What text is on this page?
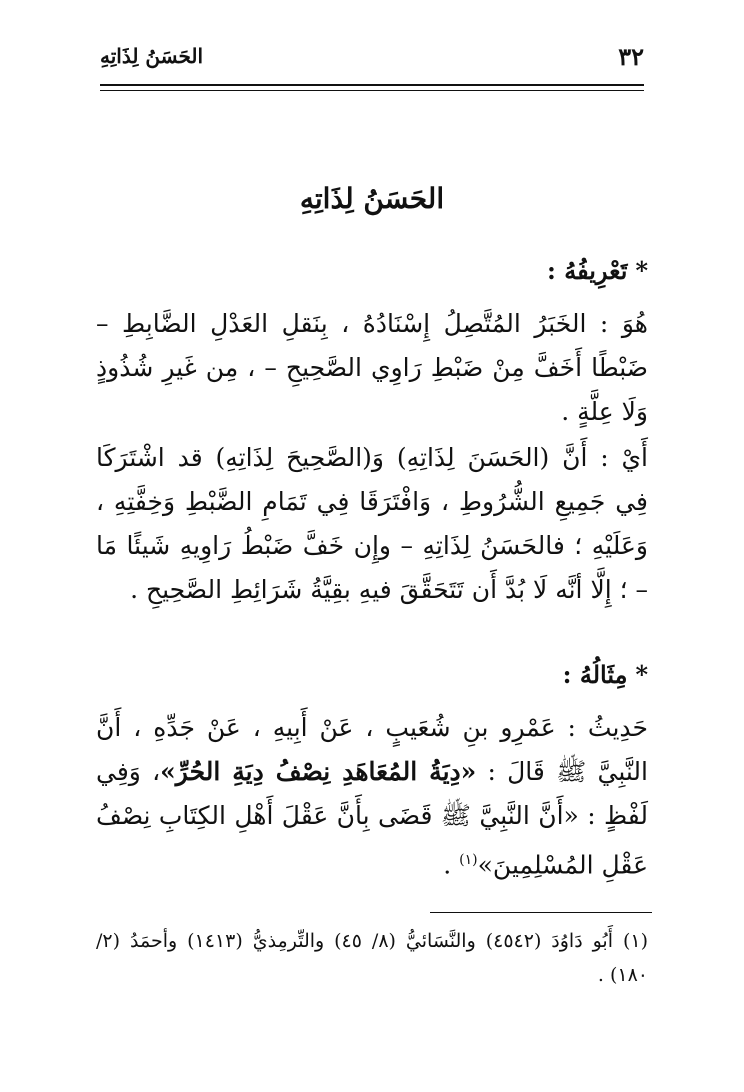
٣٢
الحَسَنُ لِذَاتِهِ
الحَسَنُ لِذَاتِهِ
*تَعْرِيفُهُ :
هُوَ : الخَبَرُ المُتَّصِلُ إِسْنَادُهُ ، بِنَقلِ العَدْلِ الضَّابِطِ – ضَبْطًا أَخَفَّ مِنْ ضَبْطِ رَاوِي الصَّحِيحِ – ، مِن غَيرِ شُذُوذٍ وَلَا عِلَّةٍ .
أَيْ : أَنَّ (الحَسَنَ لِذَاتِهِ) وَ(الصَّحِيحَ لِذَاتِهِ) قد اشْتَرَكَا فِي جَمِيعِ الشُّرُوطِ ، وَافْتَرَقَا فِي تَمَامِ الضَّبْطِ وَخِفَّتِهِ ، وَعَلَيْهِ ؛ فالحَسَنُ لِذَاتِهِ – وإِن خَفَّ ضَبْطُ رَاوِيهِ شَيئًا مَا – ؛ إِلَّا أنَّه لَا بُدَّ أَن تَتَحَقَّقَ فيهِ بقِيَّةُ شَرَائِطِ الصَّحِيحِ .
*مِثَالُهُ :
حَدِيثُ : عَمْرِو بنِ شُعَيبٍ ، عَنْ أَبِيهِ ، عَنْ جَدِّهِ ، أَنَّ النَّبِيَّ ﷺ قَالَ : «دِيَةُ المُعَاهَدِ نِصْفُ دِيَةِ الحُرِّ»، وَفِي لَفْظٍ : «أَنَّ النَّبِيَّ ﷺ قَضَى بِأَنَّ عَقْلَ أَهْلِ الكِتَابِ نِصْفُ عَقْلِ المُسْلِمِينَ»$^{(١)}$ .
(١) أَبُو دَاوُدَ (٤٥٤٢) والنَّسَائيُّ (٨/ ٤٥) والتِّرمِذيُّ (١٤١٣) وأحمَدُ (٢/ ١٨٠) .
